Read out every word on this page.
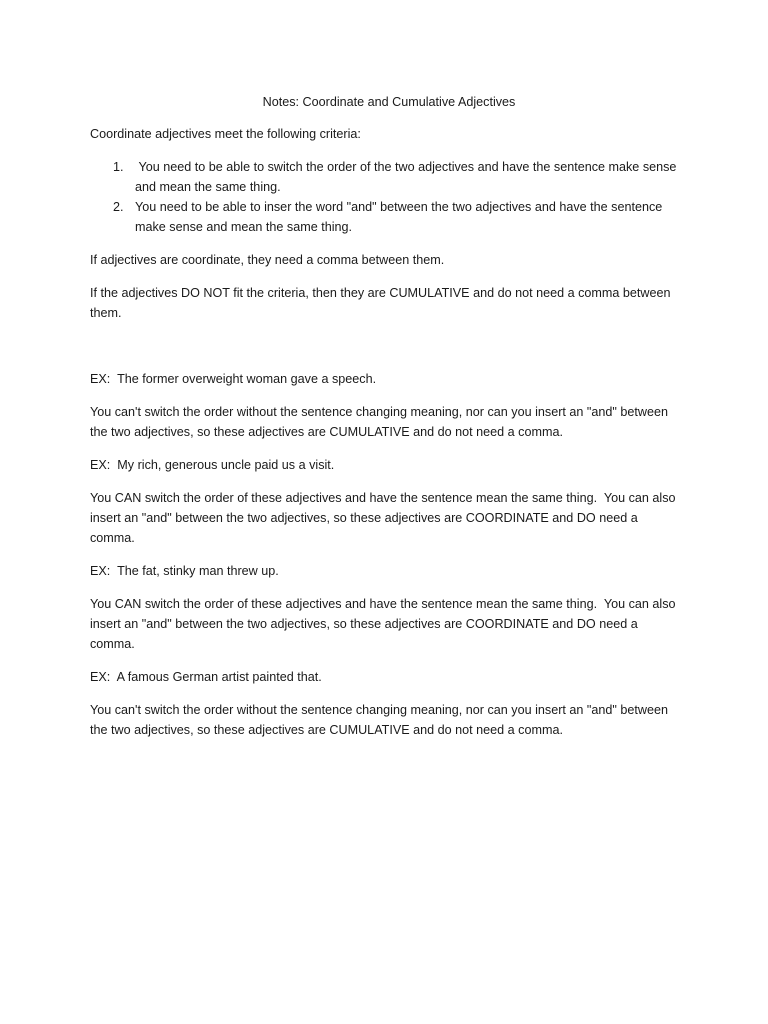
Notes: Coordinate and Cumulative Adjectives

Coordinate adjectives meet the following criteria:

1. You need to be able to switch the order of the two adjectives and have the sentence make sense and mean the same thing.
2. You need to be able to inser the word "and" between the two adjectives and have the sentence make sense and mean the same thing.

If adjectives are coordinate, they need a comma between them.

If the adjectives DO NOT fit the criteria, then they are CUMULATIVE and do not need a comma between them.

EX:  The former overweight woman gave a speech.

You can't switch the order without the sentence changing meaning, nor can you insert an "and" between the two adjectives, so these adjectives are CUMULATIVE and do not need a comma.

EX:  My rich, generous uncle paid us a visit.

You CAN switch the order of these adjectives and have the sentence mean the same thing.  You can also insert an "and" between the two adjectives, so these adjectives are COORDINATE and DO need a comma.

EX:  The fat, stinky man threw up.

You CAN switch the order of these adjectives and have the sentence mean the same thing.  You can also insert an "and" between the two adjectives, so these adjectives are COORDINATE and DO need a comma.

EX:  A famous German artist painted that.

You can't switch the order without the sentence changing meaning, nor can you insert an "and" between the two adjectives, so these adjectives are CUMULATIVE and do not need a comma.
